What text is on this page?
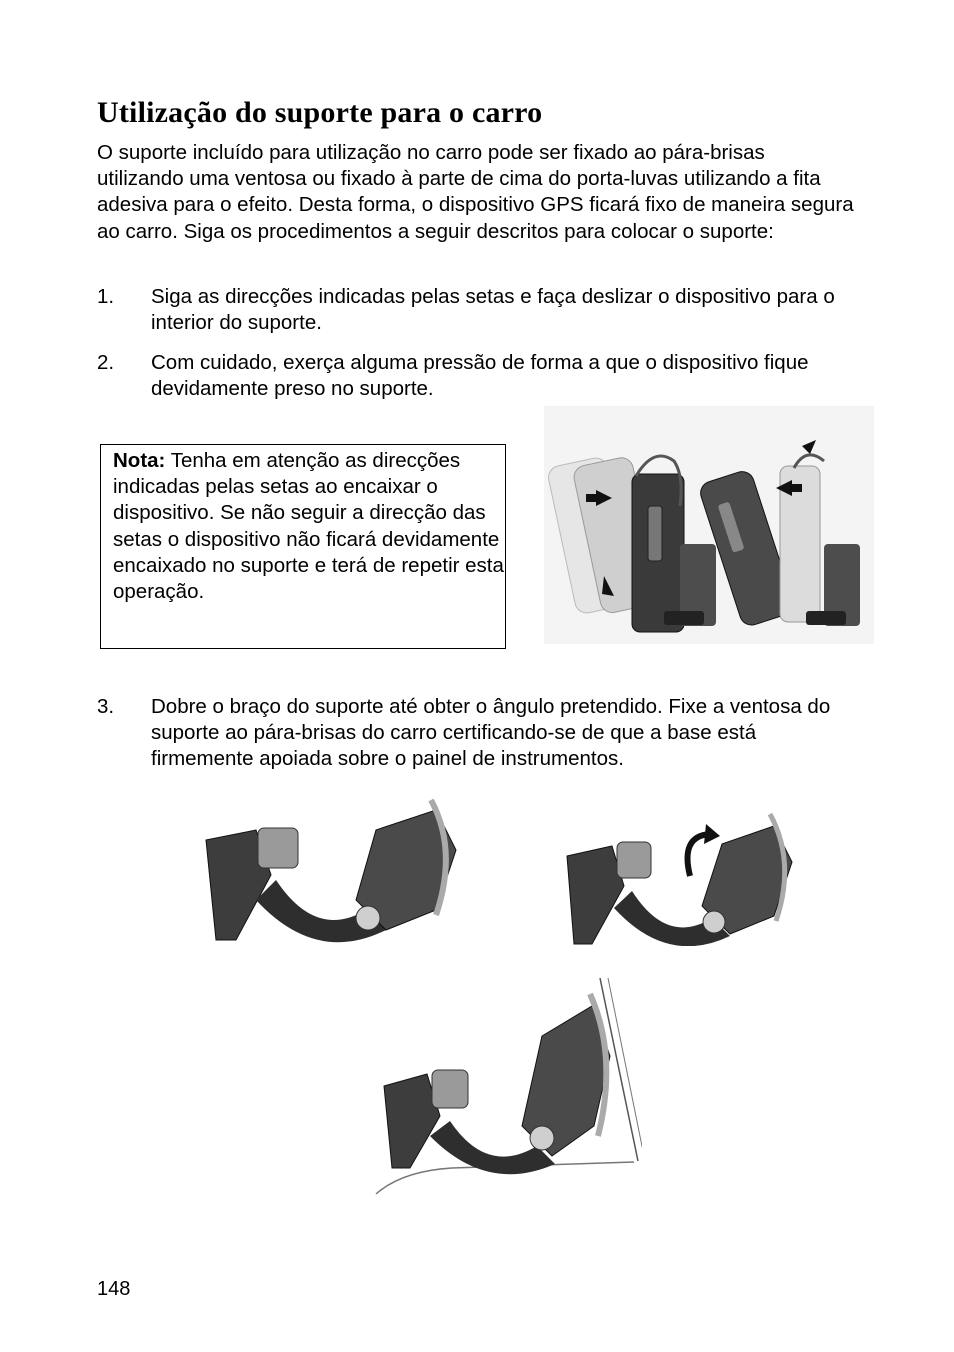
Utilização do suporte para o carro

O suporte incluído para utilização no carro pode ser fixado ao pára-brisas utilizando uma ventosa ou fixado à parte de cima do porta-luvas utilizando a fita adesiva para o efeito. Desta forma, o dispositivo GPS ficará fixo de maneira segura ao carro. Siga os procedimentos a seguir descritos para colocar o suporte:

1. Siga as direcções indicadas pelas setas e faça deslizar o dispositivo para o interior do suporte.
2. Com cuidado, exerça alguma pressão de forma a que o dispositivo fique devidamente preso no suporte.

Nota: Tenha em atenção as direcções indicadas pelas setas ao encaixar o dispositivo. Se não seguir a direcção das setas o dispositivo não ficará devidamente encaixado no suporte e terá de repetir esta operação.

3. Dobre o braço do suporte até obter o ângulo pretendido. Fixe a ventosa do suporte ao pára-brisas do carro certificando-se de que a base está firmemente apoiada sobre o painel de instrumentos.
148
